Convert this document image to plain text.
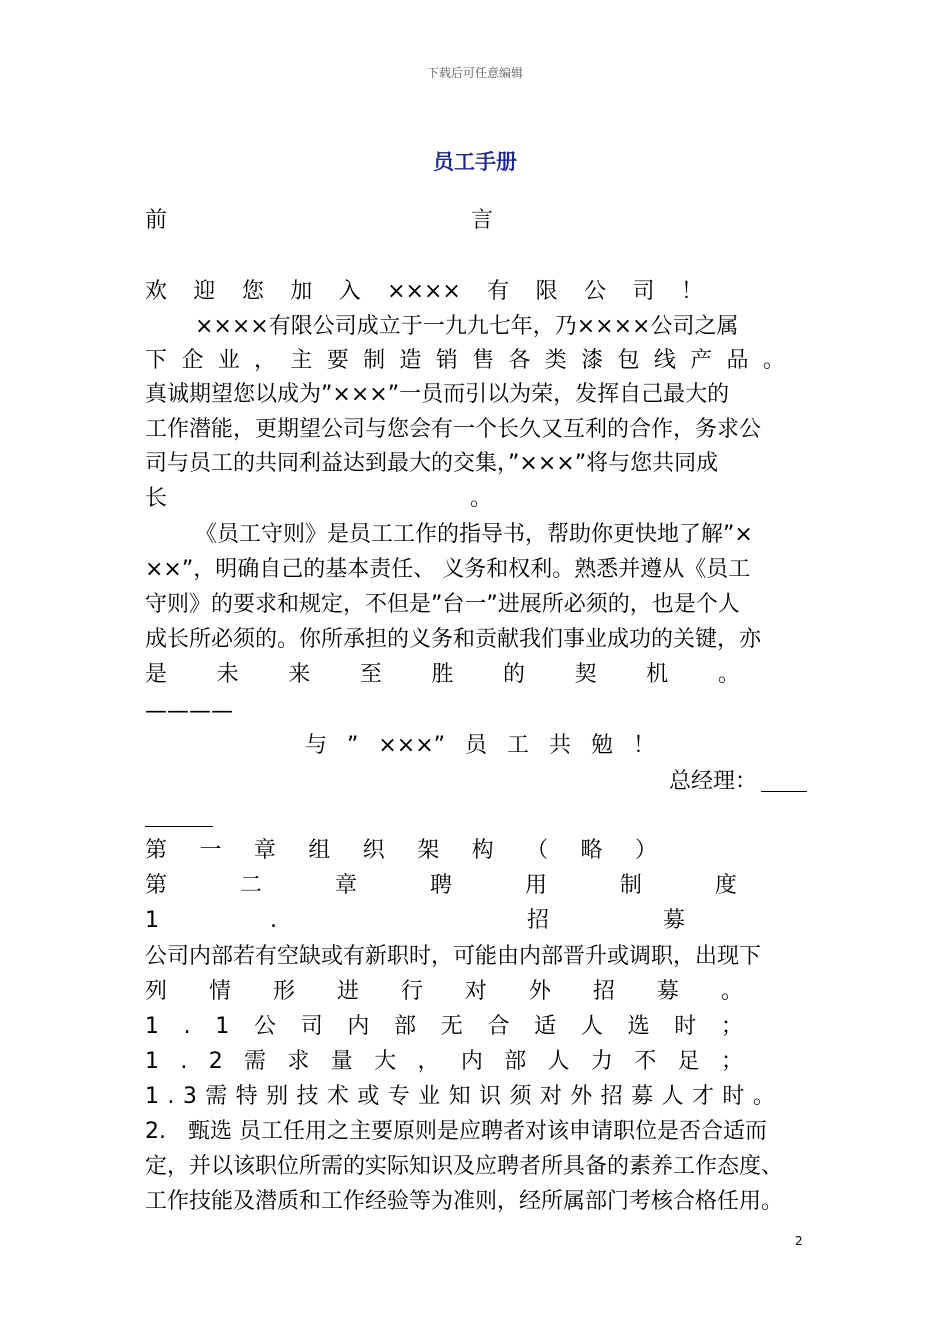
下载后可任意编辑
员工手册
前	言
欢 迎 您 加 入 ×××× 有 限 公 司 ！
××××有限公司成立于一九九七年，乃××××公司之属
下 企 业 ， 主 要 制 造 销 售 各 类 漆 包 线 产 品 。
真诚期望您以成为”×××”一员而引以为荣，发挥自己最大的
工作潜能，更期望公司与您会有一个长久又互利的合作，务求公
司与员工的共同利益达到最大的交集，”×××”将与您共同成
长	。
《员工守则》是员工工作的指导书，帮助你更快地了解”×
××”，明确自己的基本责任、 义务和权利。熟悉并遵从《员工
守则》的要求和规定，不但是”台一”进展所必须的，也是个人
成长所必须的。你所承担的义务和贡献我们事业成功的关键，亦
是 未 来 至 胜 的 契 机 。
————
与 ” ×××” 员 工 共 勉 ！
总经理：
第 一 章 组 织 架 构 （ 略 ）
第	二	章	聘	用	制	度
1	.	招	募
公司内部若有空缺或有新职时，可能由内部晋升或调职，出现下
列 情 形 进 行 对 外 招 募 。
1 . 1 公 司 内 部 无 合 适 人 选 时 ；
1 . 2 需 求 量 大 ， 内 部 人 力 不 足 ；
1 . 3 需 特 别 技 术 或 专 业 知 识 须 对 外 招 募 人 才 时 。
2.　甄选 员工任用之主要原则是应聘者对该申请职位是否合适而
定，并以该职位所需的实际知识及应聘者所具备的素养工作态度、
工作技能及潜质和工作经验等为准则，经所属部门考核合格任用。
2
